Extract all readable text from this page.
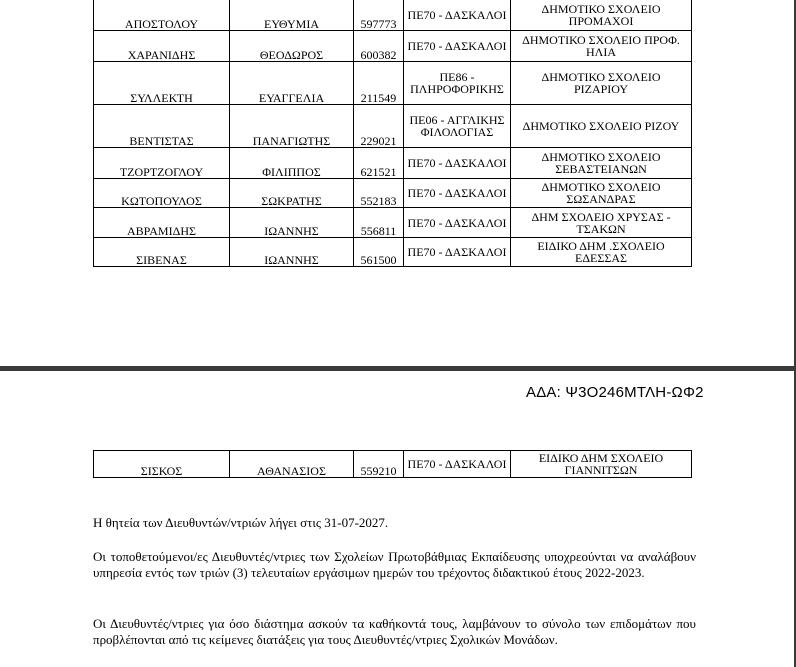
ΑΠΟΣΤΟΛΟΥ	ΕΥΘΥΜΙΑ	597773	ΠΕ70 - ΔΑΣΚΑΛΟΙ	ΔΗΜΟΤΙΚΟ ΣΧΟΛΕΙΟ ΠΡΟΜΑΧΟΙ
ΧΑΡΑΝΙΔΗΣ	ΘΕΟΔΩΡΟΣ	600382	ΠΕ70 - ΔΑΣΚΑΛΟΙ	ΔΗΜΟΤΙΚΟ ΣΧΟΛΕΙΟ ΠΡΟΦ. ΗΛΙΑ
ΣΥΛΛΕΚΤΗ	ΕΥΑΓΓΕΛΙΑ	211549	ΠΕ86 - ΠΛΗΡΟΦΟΡΙΚΗΣ	ΔΗΜΟΤΙΚΟ ΣΧΟΛΕΙΟ ΡΙΖΑΡΙΟΥ
ΒΕΝΤΙΣΤΑΣ	ΠΑΝΑΓΙΩΤΗΣ	229021	ΠΕ06 - ΑΓΓΛΙΚΗΣ ΦΙΛΟΛΟΓΙΑΣ	ΔΗΜΟΤΙΚΟ ΣΧΟΛΕΙΟ ΡΙΖΟΥ
ΤΖΟΡΤΖΟΓΛΟΥ	ΦΙΛΙΠΠΟΣ	621521	ΠΕ70 - ΔΑΣΚΑΛΟΙ	ΔΗΜΟΤΙΚΟ ΣΧΟΛΕΙΟ ΣΕΒΑΣΤΕΙΑΝΩΝ
ΚΩΤΟΠΟΥΛΟΣ	ΣΩΚΡΑΤΗΣ	552183	ΠΕ70 - ΔΑΣΚΑΛΟΙ	ΔΗΜΟΤΙΚΟ ΣΧΟΛΕΙΟ ΣΩΣΑΝΔΡΑΣ
ΑΒΡΑΜΙΔΗΣ	ΙΩΑΝΝΗΣ	556811	ΠΕ70 - ΔΑΣΚΑΛΟΙ	ΔΗΜ ΣΧΟΛΕΙΟ ΧΡΥΣΑΣ - ΤΣΑΚΩΝ
ΣΙΒΕΝΑΣ	ΙΩΑΝΝΗΣ	561500	ΠΕ70 - ΔΑΣΚΑΛΟΙ	ΕΙΔΙΚΟ ΔΗΜ .ΣΧΟΛΕΙΟ ΕΔΕΣΣΑΣ
ΑΔΑ: Ψ3Ο246ΜΤΛΗ-ΩΦ2
ΣΙΣΚΟΣ	ΑΘΑΝΑΣΙΟΣ	559210	ΠΕ70 - ΔΑΣΚΑΛΟΙ	ΕΙΔΙΚΟ ΔΗΜ ΣΧΟΛΕΙΟ ΓΙΑΝΝΙΤΣΩΝ

Η θητεία των Διευθυντών/ντριών λήγει στις 31-07-2027.

Οι τοποθετούμενοι/ες Διευθυντές/ντριες των Σχολείων Πρωτοβάθμιας Εκπαίδευσης υποχρεούνται να αναλάβουν υπηρεσία εντός των τριών (3) τελευταίων εργάσιμων ημερών του τρέχοντος διδακτικού έτους 2022-2023.

Οι Διευθυντές/ντριες για όσο διάστημα ασκούν τα καθήκοντά τους, λαμβάνουν το σύνολο των επιδομάτων που προβλέπονται από τις κείμενες διατάξεις για τους Διευθυντές/ντριες Σχολικών Μονάδων.
